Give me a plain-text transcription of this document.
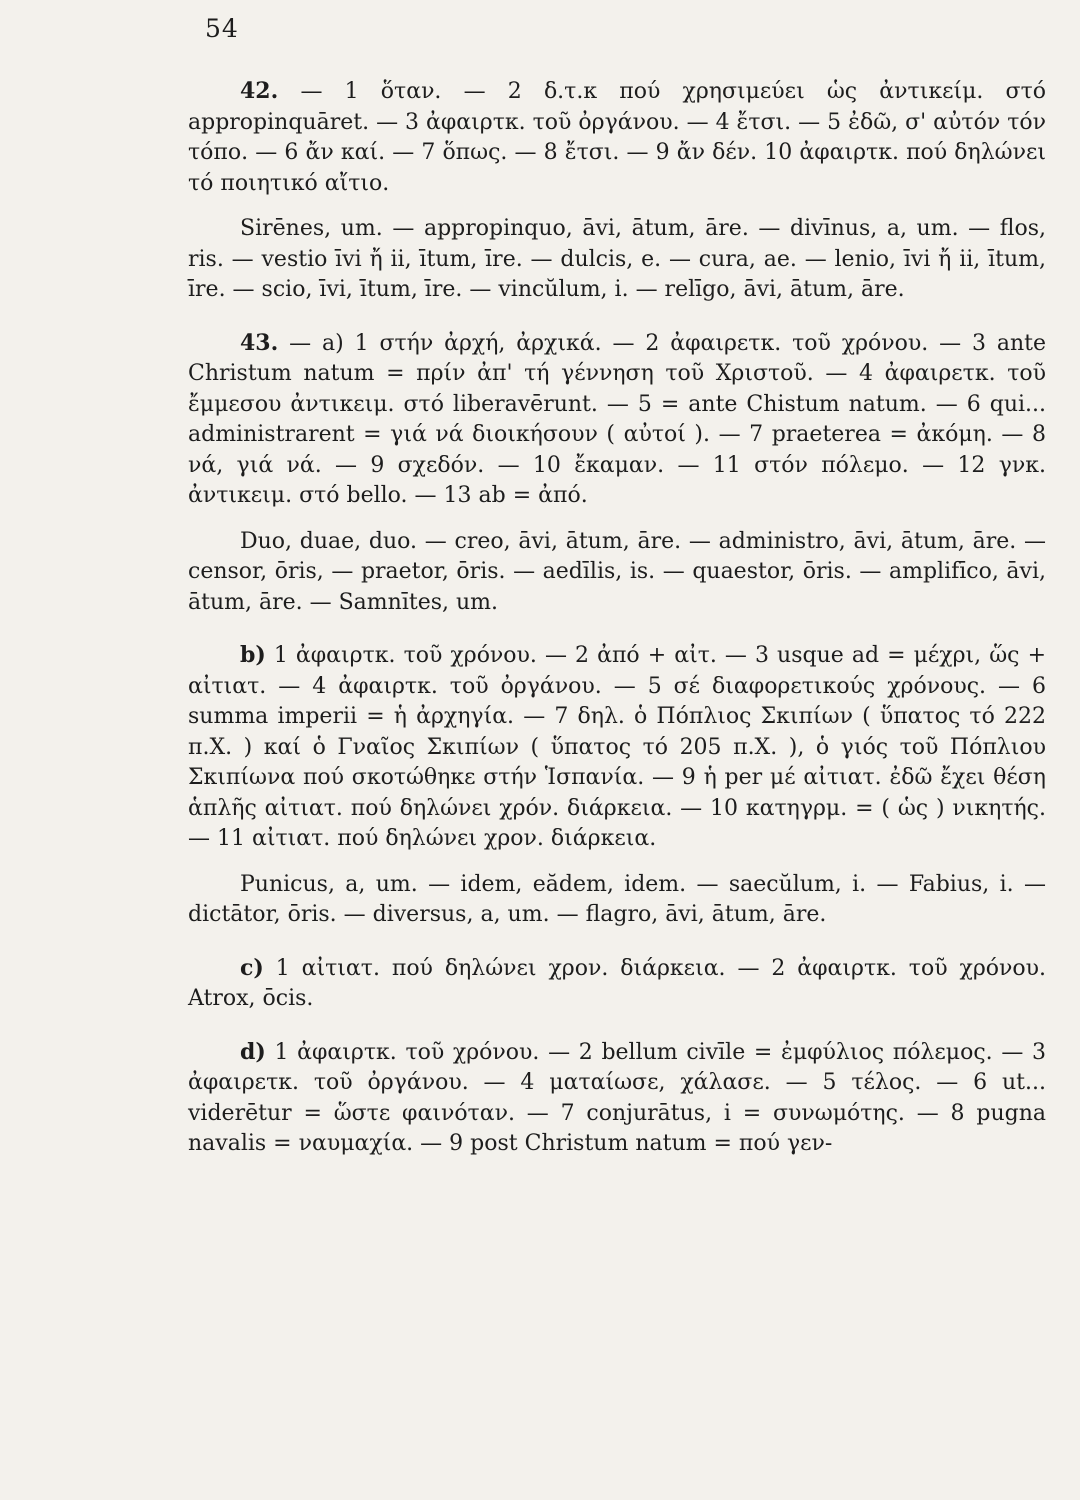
54

42. — 1 ὅταν. — 2 δ.τ.κ πού χρησιμεύει ὡς ἀντικείμ. στό appropinquāret. — 3 ἀφαιρτκ. τοῦ ὀργάνου. — 4 ἔτσι. — 5 ἐδῶ, σ' αὐτόν τόν τόπο. — 6 ἄν καί. — 7 ὅπως. — 8 ἔτσι. — 9 ἄν δέν. 10 ἀφαιρτκ. πού δηλώνει τό ποιητικό αἴτιο.

Sirēnes, um. — appropinquo, āvi, ātum, āre. — divīnus, a, um. — flos, ris. — vestio īvi ἤ ii, ītum, īre. — dulcis, e. — cura, ae. — lenio, īvi ἤ ii, ītum, īre. — scio, īvi, ītum, īre. — vincŭlum, i. — relīgo, āvi, ātum, āre.

43. — a) 1 στήν ἀρχή, ἀρχικά. — 2 ἀφαιρετκ. τοῦ χρόνου. — 3 ante Christum natum = πρίν ἀπ' τή γέννηση τοῦ Χριστοῦ. — 4 ἀφαιρετκ. τοῦ ἔμμεσου ἀντικειμ. στό liberavērunt. — 5 = ante Chistum natum. — 6 qui... administrarent = γιά νά διοικήσουν ( αὐτοί ). — 7 praeterea = ἀκόμη. — 8 νά, γιά νά. — 9 σχεδόν. — 10 ἔκαμαν. — 11 στόν πόλεμο. — 12 γνκ. ἀντικειμ. στό bello. — 13 ab = ἀπό.

Duo, duae, duo. — creo, āvi, ātum, āre. — administro, āvi, ātum, āre. — censor, ōris, — praetor, ōris. — aedīlis, is. — quaestor, ōris. — amplifīco, āvi, ātum, āre. — Samnītes, um.

b) 1 ἀφαιρτκ. τοῦ χρόνου. — 2 ἀπό + αἰτ. — 3 usque ad = μέχρι, ὥς + αἰτιατ. — 4 ἀφαιρτκ. τοῦ ὀργάνου. — 5 σέ διαφορετικούς χρόνους. — 6 summa imperii = ἡ ἀρχηγία. — 7 δηλ. ὁ Πόπλιος Σκιπίων ( ὕπατος τό 222 π.Χ. ) καί ὁ Γναῖος Σκιπίων ( ὕπατος τό 205 π.Χ. ), ὁ γιός τοῦ Πόπλιου Σκιπίωνα πού σκοτώθηκε στήν Ἱσπανία. — 9 ἡ per μέ αἰτιατ. ἐδῶ ἔχει θέση ἁπλῆς αἰτιατ. πού δηλώνει χρόν. διάρκεια. — 10 κατηγρμ. = ( ὡς ) νικητής. — 11 αἰτιατ. πού δηλώνει χρον. διάρκεια.

Punicus, a, um. — idem, eădem, idem. — saecŭlum, i. — Fabius, i. — dictātor, ōris. — diversus, a, um. — flagro, āvi, ātum, āre.

c) 1 αἰτιατ. πού δηλώνει χρον. διάρκεια. — 2 ἀφαιρτκ. τοῦ χρόνου. Atrox, ōcis.

d) 1 ἀφαιρτκ. τοῦ χρόνου. — 2 bellum civīle = ἐμφύλιος πόλεμος. — 3 ἀφαιρετκ. τοῦ ὀργάνου. — 4 ματαίωσε, χάλασε. — 5 τέλος. — 6 ut... viderētur = ὥστε φαινόταν. — 7 conjurātus, i = συνωμότης. — 8 pugna navalis = ναυμαχία. — 9 post Christum natum = πού γεν-
